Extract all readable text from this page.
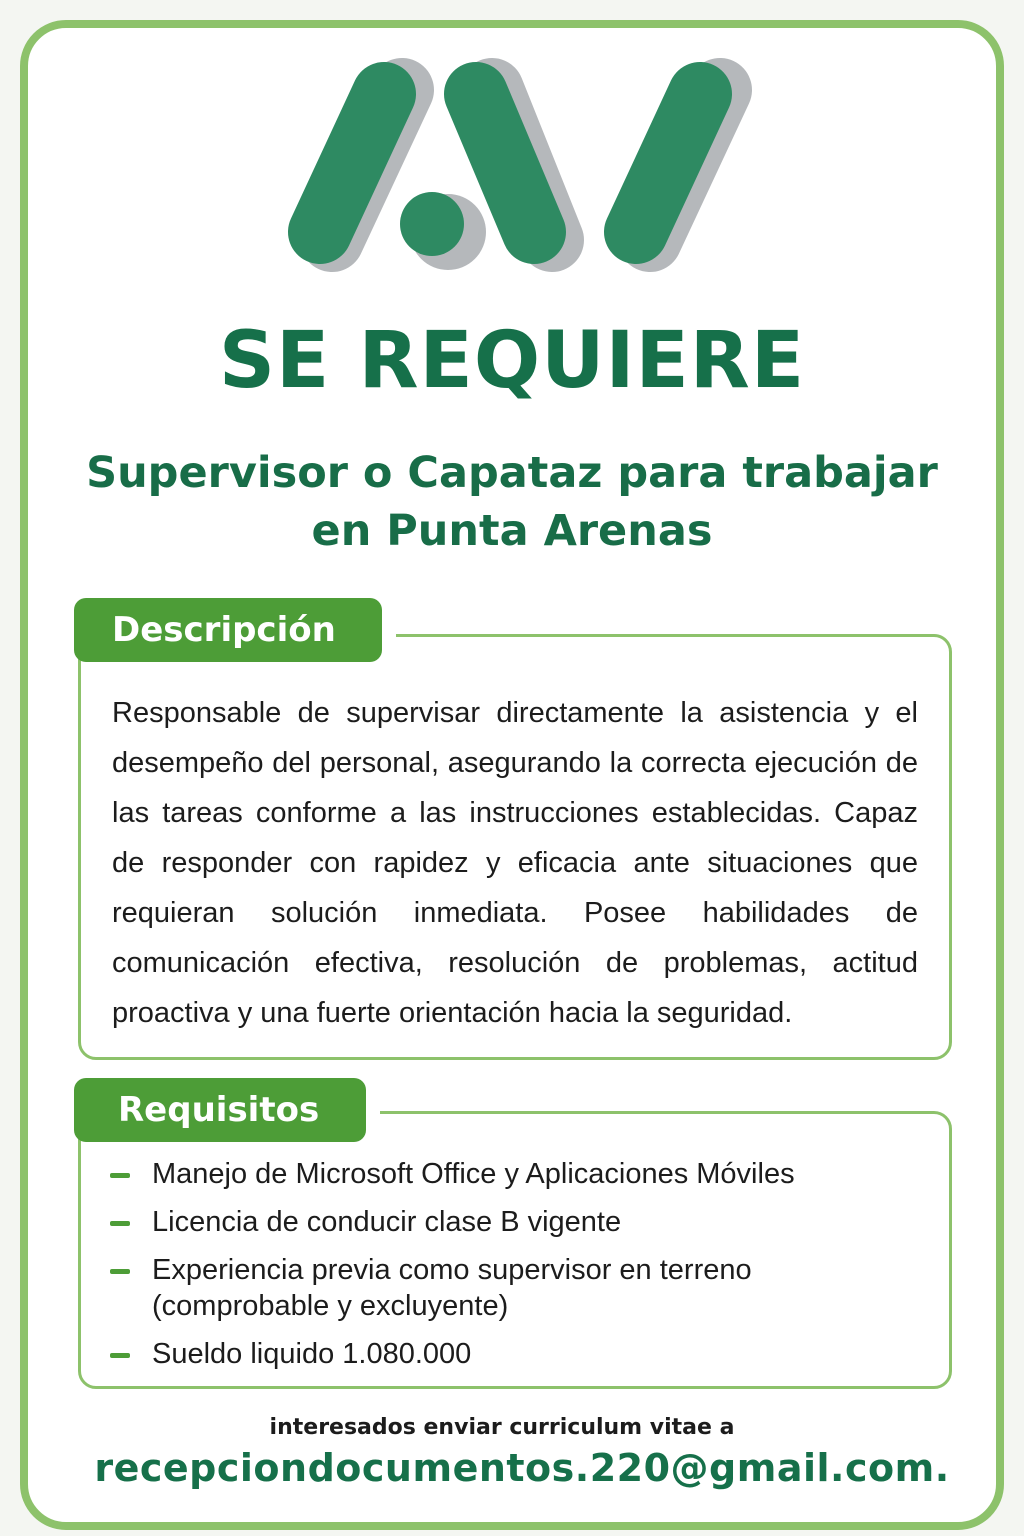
SE REQUIERE
Supervisor o Capataz para trabajar
en Punta Arenas
Descripción
Responsable de supervisar directamente la asistencia y el desempeño del personal, asegurando la correcta ejecución de las tareas conforme a las instrucciones establecidas. Capaz de responder con rapidez y eficacia ante situaciones que requieran solución inmediata. Posee habilidades de comunicación efectiva, resolución de problemas, actitud proactiva y una fuerte orientación hacia la seguridad.
Requisitos
Manejo de Microsoft Office y Aplicaciones Móviles
Licencia de conducir clase B vigente
Experiencia previa como supervisor en terreno (comprobable y excluyente)
Sueldo liquido 1.080.000
interesados enviar curriculum vitae a
recepciondocumentos.220@gmail.com.
